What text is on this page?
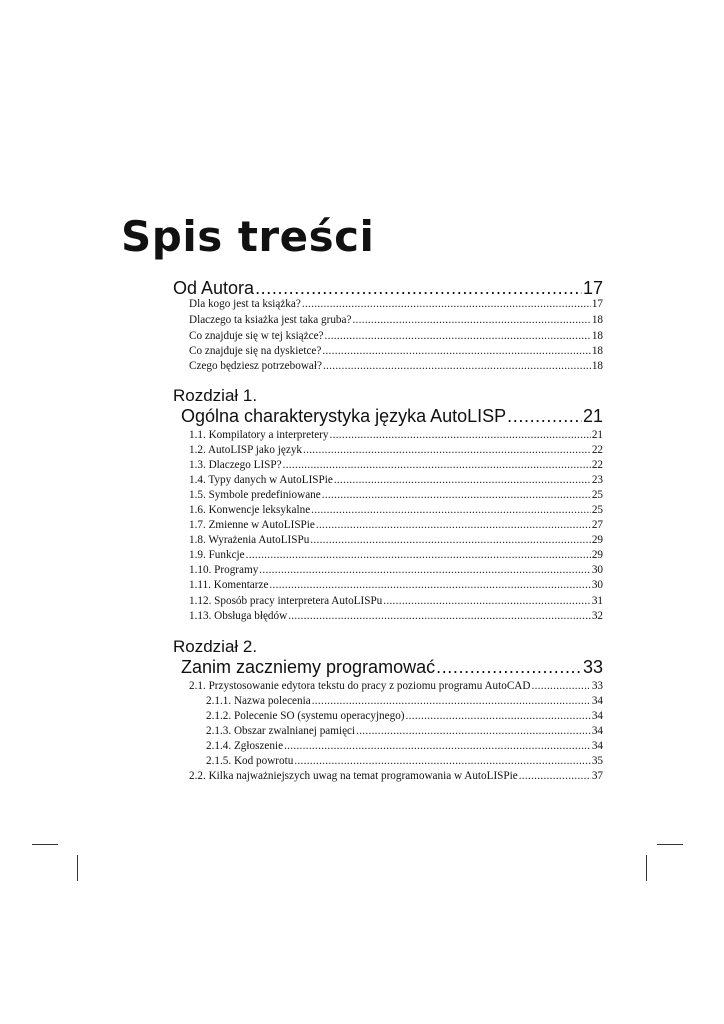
Spis treści
Od Autora . . .	17
Dla kogo jest ta książka? . . .	17
Dlaczego ta ksiażka jest taka gruba? . . .	18
Co znajduje się w tej książce? . . .	18
Co znajduje się na dyskietce? . . .	18
Czego będziesz potrzebował? . . .	18
Rozdział 1.
Ogólna charakterystyka języka AutoLISP . . .	21
1.1. Kompilatory a interpretery . . .	21
1.2. AutoLISP jako język . . .	22
1.3. Dlaczego LISP? . . .	22
1.4. Typy danych w AutoLISPie . . .	23
1.5. Symbole predefiniowane . . .	25
1.6. Konwencje leksykalne . . .	25
1.7. Zmienne w AutoLISPie . . .	27
1.8. Wyrażenia AutoLISPu . . .	29
1.9. Funkcje . . .	29
1.10. Programy . . .	30
1.11. Komentarze . . .	30
1.12. Sposób pracy interpretera AutoLISPu . . .	31
1.13. Obsługa błędów . . .	32
Rozdział 2.
Zanim zaczniemy programować . . .	33
2.1. Przystosowanie edytora tekstu do pracy z poziomu programu AutoCAD . . .	33
2.1.1. Nazwa polecenia . . .	34
2.1.2. Polecenie SO (systemu operacyjnego) . . .	34
2.1.3. Obszar zwalnianej pamięci . . .	34
2.1.4. Zgłoszenie . . .	34
2.1.5. Kod powrotu . . .	35
2.2. Kilka najważniejszych uwag na temat programowania w AutoLISPie . . .	37
